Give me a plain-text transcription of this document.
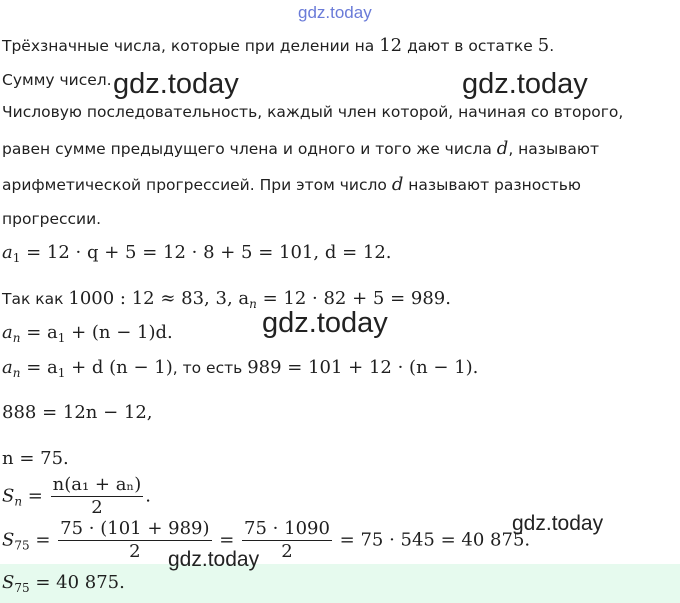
gdz.today
Трёхзначные числа, которые при делении на 12 дают в остатке 5.
Сумму чисел. gdz.today	gdz.today
Числовую последовательность, каждый член которой, начиная со второго,
равен сумме предыдущего члена и одного и того же числа d, называют
арифметической прогрессией. При этом число d называют разностью
прогрессии.
$a_1 = 12 \cdot q + 5 = 12 \cdot 8 + 5 = 101$, d = 12.
Так как 1000 : 12 ≈ 83, 3, $a_n = 12 \cdot 82 + 5 = 989$.
gdz.today
$a_n = a_1 + (n - 1)d$.
$a_n = a_1 + d$ (n − 1), то есть 989 = 101 + 12 · (n − 1).
888 = 12n − 12,
n = 75.
$S_n = \frac{\text{n(a₁ + aₙ)}}{2}$ .
gdz.today
$S_{75} = \frac{75 \cdot (101 + 989)}{2} = \frac{75 \cdot 1090}{2} = 75 \cdot 545 = 40$ 875.
gdz.today
$S_{75} = 40$ 875.
